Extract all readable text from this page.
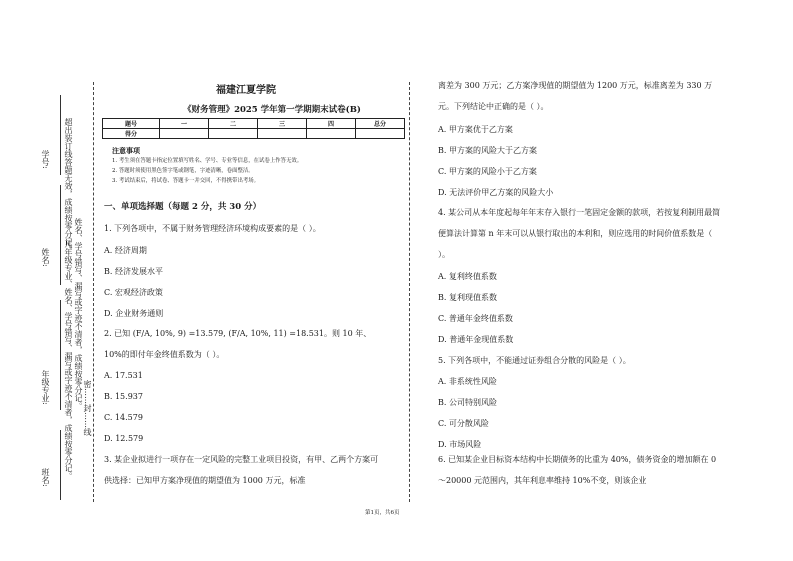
学号: 超出装订线答题无效，成绩按零分记。
姓名:	姓名、学号错写、漏写或字迹不清者，成绩按零分记。
年级专业: 凡年级专业、姓名、学号错写、漏写或字迹不清者，成绩按零分记。 密……封……线
班名:
福建江夏学院
《财务管理》2025 学年第一学期期末试卷(B)
题号	一	二	三	四	总分
得分					
注意事项
1. 考生须在答题卡指定位置填写姓名、学号、专业等信息，在试卷上作答无效。
2. 答题时须使用黑色签字笔或钢笔，字迹清晰，卷面整洁。
3. 考试结束后，将试卷、答题卡一并交回，不得携带出考场。
一、单项选择题（每题 2 分，共 30 分）
1. 下列各项中，不属于财务管理经济环境构成要素的是（ ）。
A. 经济周期
B. 经济发展水平
C. 宏观经济政策
D. 企业财务通则
2. 已知 (F/A, 10%, 9) =13.579, (F/A, 10%, 11) =18.531。则 10 年、10%的即付年金终值系数为（ ）。
A. 17.531
B. 15.937
C. 14.579
D. 12.579
3. 某企业拟进行一项存在一定风险的完整工业项目投资，有甲、乙两个方案可供选择：已知甲方案净现值的期望值为 1000 万元，标准
离差为 300 万元；乙方案净现值的期望值为 1200 万元，标准离差为 330 万元。下列结论中正确的是（ ）。
A. 甲方案优于乙方案
B. 甲方案的风险大于乙方案
C. 甲方案的风险小于乙方案
D. 无法评价甲乙方案的风险大小
4. 某公司从本年度起每年年末存入银行一笔固定金额的款项，若按复利制用最简便算法计算第 n 年末可以从银行取出的本利和，则应选用的时间价值系数是（ ）。
A. 复利终值系数
B. 复利现值系数
C. 普通年金终值系数
D. 普通年金现值系数
5. 下列各项中，不能通过证券组合分散的风险是（ ）。
A. 非系统性风险
B. 公司特别风险
C. 可分散风险
D. 市场风险
6. 已知某企业目标资本结构中长期债务的比重为 40%，债务资金的增加额在 0～20000 元范围内，其年利息率维持 10%不变，则该企业
第1页，共6页
